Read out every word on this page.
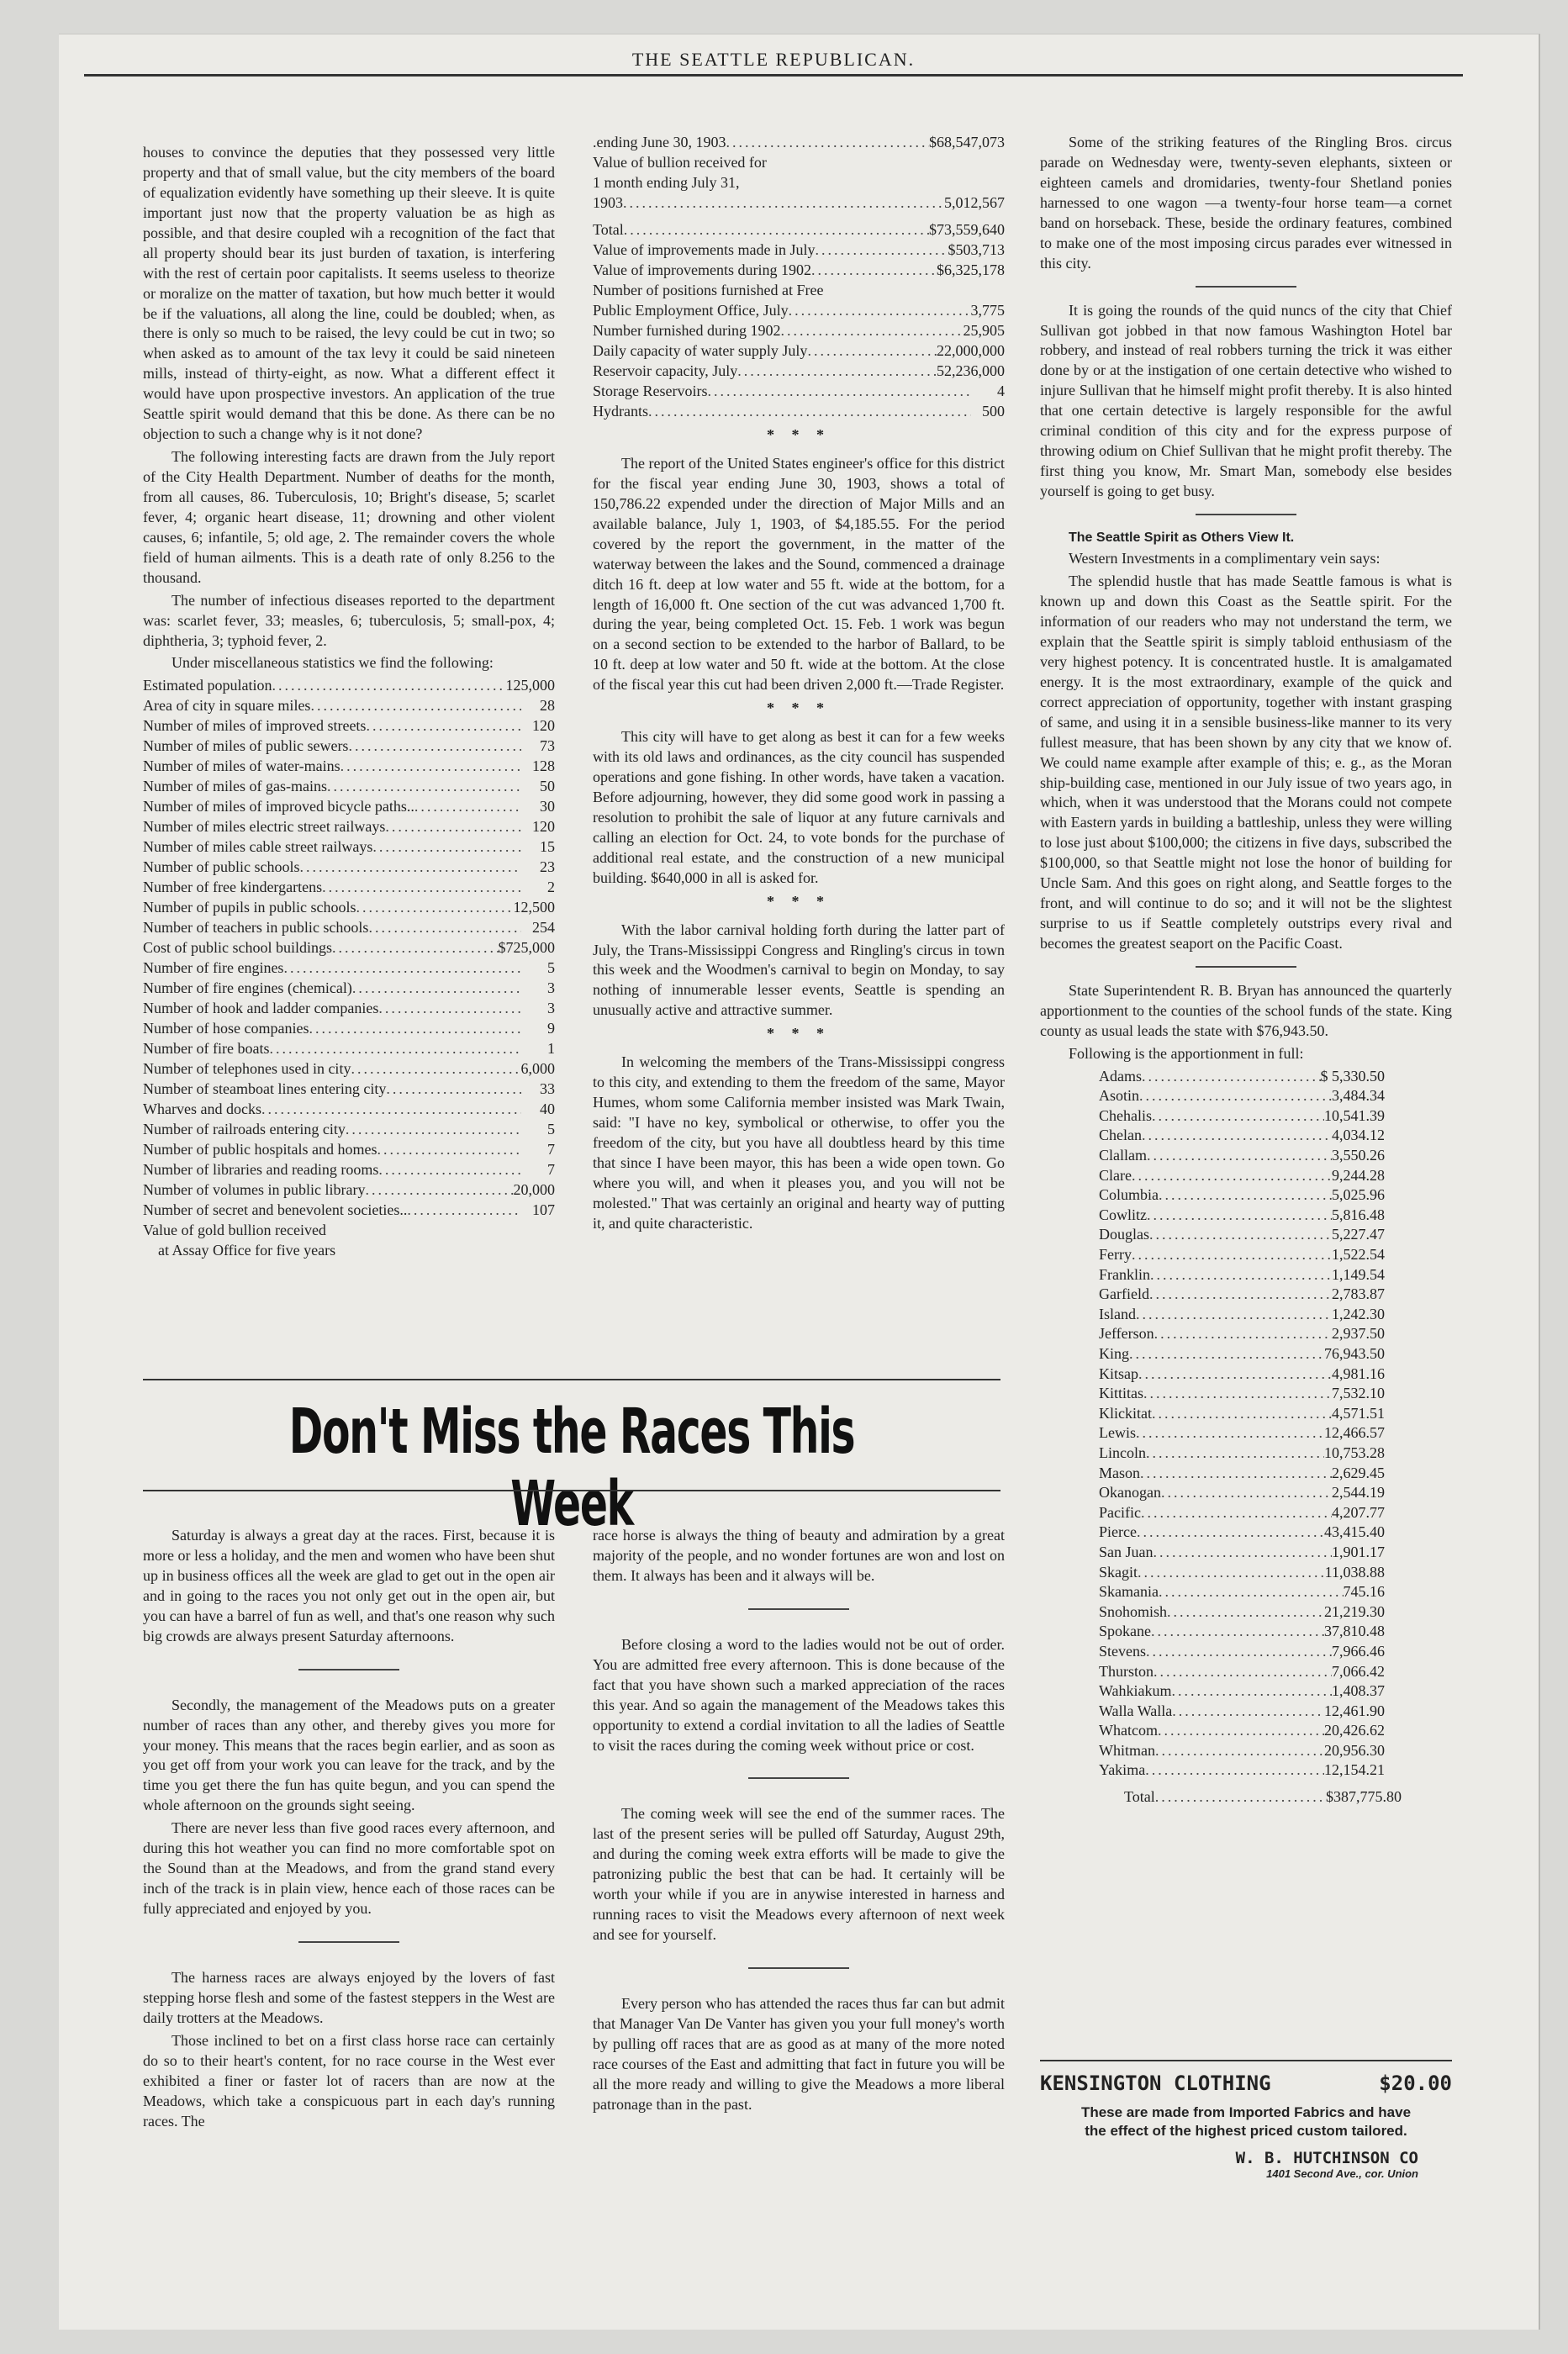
THE SEATTLE REPUBLICAN.

houses to convince the deputies that they possessed very little property and that of small value, but the city members of the board of equalization evidently have something up their sleeve. It is quite important just now that the property valuation be as high as possible, and that desire coupled wih a recognition of the fact that all property should bear its just burden of taxation, is interfering with the rest of certain poor capitalists. It seems useless to theorize or moralize on the matter of taxation, but how much better it would be if the valuations, all along the line, could be doubled; when, as there is only so much to be raised, the levy could be cut in two; so when asked as to amount of the tax levy it could be said nineteen mills, instead of thirty-eight, as now. What a different effect it would have upon prospective investors. An application of the true Seattle spirit would demand that this be done. As there can be no objection to such a change why is it not done?

The following interesting facts are drawn from the July report of the City Health Department. Number of deaths for the month, from all causes, 86. Tuberculosis, 10; Bright's disease, 5; scarlet fever, 4; organic heart disease, 11; drowning and other violent causes, 6; infantile, 5; old age, 2. The remainder covers the whole field of human ailments. This is a death rate of only 8.256 to the thousand.

The number of infectious diseases reported to the department was: scarlet fever, 33; measles, 6; tuberculosis, 5; small-pox, 4; diphtheria, 3; typhoid fever, 2.

Under miscellaneous statistics we find the following:

Estimated population .....	125,000
Area of city in square miles .....	28
Number of miles of improved streets .....	120
Number of miles of public sewers .....	73
Number of miles of water-mains .....	128
Number of miles of gas-mains .....	50
Number of miles of improved bicycle paths.. .....	30
Number of miles electric street railways .....	120
Number of miles cable street railways .....	15
Number of public schools .....	23
Number of free kindergartens .....	2
Number of pupils in public schools .....	12,500
Number of teachers in public schools .....	254
Cost of public school buildings .....	$725,000
Number of fire engines .....	5
Number of fire engines (chemical) .....	3
Number of hook and ladder companies .....	3
Number of hose companies .....	9
Number of fire boats .....	1
Number of telephones used in city .....	6,000
Number of steamboat lines entering city .....	33
Wharves and docks .....	40
Number of railroads entering city .....	5
Number of public hospitals and homes .....	7
Number of libraries and reading rooms .....	7
Number of volumes in public library .....	20,000
Number of secret and benevolent societies.. .....	107
Value of gold bullion received
at Assay Office for five years
.ending June 30, 1903 .....	$68,547,073
Value of bullion received for
1 month ending July 31,
1903 .....	5,012,567
Total .....	$73,559,640
Value of improvements made in July .....	$503,713
Value of improvements during 1902 .....	$6,325,178
Number of positions furnished at Free
Public Employment Office, July .....	3,775
Number furnished during 1902 .....	25,905
Daily capacity of water supply July .....	22,000,000
Reservoir capacity, July .....	52,236,000
Storage Reservoirs .....	4
Hydrants .....	500
* * *

The report of the United States engineer's office for this district for the fiscal year ending June 30, 1903, shows a total of 150,786.22 expended under the direction of Major Mills and an available balance, July 1, 1903, of $4,185.55. For the period covered by the report the government, in the matter of the waterway between the lakes and the Sound, commenced a drainage ditch 16 ft. deep at low water and 55 ft. wide at the bottom, for a length of 16,000 ft. One section of the cut was advanced 1,700 ft. during the year, being completed Oct. 15. Feb. 1 work was begun on a second section to be extended to the harbor of Ballard, to be 10 ft. deep at low water and 50 ft. wide at the bottom. At the close of the fiscal year this cut had been driven 2,000 ft.—Trade Register.

* * *

This city will have to get along as best it can for a few weeks with its old laws and ordinances, as the city council has suspended operations and gone fishing. In other words, have taken a vacation. Before adjourning, however, they did some good work in passing a resolution to prohibit the sale of liquor at any future carnivals and calling an election for Oct. 24, to vote bonds for the purchase of additional real estate, and the construction of a new municipal building. $640,000 in all is asked for.

* * *

With the labor carnival holding forth during the latter part of July, the Trans-Mississippi Congress and Ringling's circus in town this week and the Woodmen's carnival to begin on Monday, to say nothing of innumerable lesser events, Seattle is spending an unusually active and attractive summer.

* * *

In welcoming the members of the Trans-Mississippi congress to this city, and extending to them the freedom of the same, Mayor Humes, whom some California member insisted was Mark Twain, said: "I have no key, symbolical or otherwise, to offer you the freedom of the city, but you have all doubtless heard by this time that since I have been mayor, this has been a wide open town. Go where you will, and when it pleases you, and you will not be molested." That was certainly an original and hearty way of putting it, and quite characteristic.

Some of the striking features of the Ringling Bros. circus parade on Wednesday were, twenty-seven elephants, sixteen or eighteen camels and dromidaries, twenty-four Shetland ponies harnessed to one wagon —a twenty-four horse team—a cornet band on horseback. These, beside the ordinary features, combined to make one of the most imposing circus parades ever witnessed in this city.

It is going the rounds of the quid nuncs of the city that Chief Sullivan got jobbed in that now famous Washington Hotel bar robbery, and instead of real robbers turning the trick it was either done by or at the instigation of one certain detective who wished to injure Sullivan that he himself might profit thereby. It is also hinted that one certain detective is largely responsible for the awful criminal condition of this city and for the express purpose of throwing odium on Chief Sullivan that he might profit thereby. The first thing you know, Mr. Smart Man, somebody else besides yourself is going to get busy.

The Seattle Spirit as Others View It.

Western Investments in a complimentary vein says:

The splendid hustle that has made Seattle famous is what is known up and down this Coast as the Seattle spirit. For the information of our readers who may not understand the term, we explain that the Seattle spirit is simply tabloid enthusiasm of the very highest potency. It is concentrated hustle. It is amalgamated energy. It is the most extraordinary, example of the quick and correct appreciation of opportunity, together with instant grasping of same, and using it in a sensible business-like manner to its very fullest measure, that has been shown by any city that we know of. We could name example after example of this; e. g., as the Moran ship-building case, mentioned in our July issue of two years ago, in which, when it was understood that the Morans could not compete with Eastern yards in building a battleship, unless they were willing to lose just about $100,000; the citizens in five days, subscribed the $100,000, so that Seattle might not lose the honor of building for Uncle Sam. And this goes on right along, and Seattle forges to the front, and will continue to do so; and it will not be the slightest surprise to us if Seattle completely outstrips every rival and becomes the greatest seaport on the Pacific Coast.

State Superintendent R. B. Bryan has announced the quarterly apportionment to the counties of the school funds of the state. King county as usual leads the state with $76,943.50.

Following is the apportionment in full:

Adams .....	$ 5,330.50
Asotin .....	3,484.34
Chehalis .....	10,541.39
Chelan .....	4,034.12
Clallam .....	3,550.26
Clare .....	9,244.28
Columbia .....	5,025.96
Cowlitz .....	5,816.48
Douglas .....	5,227.47
Ferry .....	1,522.54
Franklin .....	1,149.54
Garfield .....	2,783.87
Island .....	1,242.30
Jefferson .....	2,937.50
King .....	76,943.50
Kitsap .....	4,981.16
Kittitas .....	7,532.10
Klickitat .....	4,571.51
Lewis .....	12,466.57
Lincoln .....	10,753.28
Mason .....	2,629.45
Okanogan .....	2,544.19
Pacific .....	4,207.77
Pierce .....	43,415.40
San Juan .....	1,901.17
Skagit .....	11,038.88
Skamania .....	745.16
Snohomish .....	21,219.30
Spokane .....	37,810.48
Stevens .....	7,966.46
Thurston .....	7,066.42
Wahkiakum .....	1,408.37
Walla Walla .....	12,461.90
Whatcom .....	20,426.62
Whitman .....	20,956.30
Yakima .....	12,154.21
Total .....	$387,775.80
Don't Miss the Races This Week

Saturday is always a great day at the races. First, because it is more or less a holiday, and the men and women who have been shut up in business offices all the week are glad to get out in the open air and in going to the races you not only get out in the open air, but you can have a barrel of fun as well, and that's one reason why such big crowds are always present Saturday afternoons.

Secondly, the management of the Meadows puts on a greater number of races than any other, and thereby gives you more for your money. This means that the races begin earlier, and as soon as you get off from your work you can leave for the track, and by the time you get there the fun has quite begun, and you can spend the whole afternoon on the grounds sight seeing.

There are never less than five good races every afternoon, and during this hot weather you can find no more comfortable spot on the Sound than at the Meadows, and from the grand stand every inch of the track is in plain view, hence each of those races can be fully appreciated and enjoyed by you.

The harness races are always enjoyed by the lovers of fast stepping horse flesh and some of the fastest steppers in the West are daily trotters at the Meadows.

Those inclined to bet on a first class horse race can certainly do so to their heart's content, for no race course in the West ever exhibited a finer or faster lot of racers than are now at the Meadows, which take a conspicuous part in each day's running races. The

race horse is always the thing of beauty and admiration by a great majority of the people, and no wonder fortunes are won and lost on them. It always has been and it always will be.

Before closing a word to the ladies would not be out of order. You are admitted free every afternoon. This is done because of the fact that you have shown such a marked appreciation of the races this year. And so again the management of the Meadows takes this opportunity to extend a cordial invitation to all the ladies of Seattle to visit the races during the coming week without price or cost.

The coming week will see the end of the summer races. The last of the present series will be pulled off Saturday, August 29th, and during the coming week extra efforts will be made to give the patronizing public the best that can be had. It certainly will be worth your while if you are in anywise interested in harness and running races to visit the Meadows every afternoon of next week and see for yourself.

Every person who has attended the races thus far can but admit that Manager Van De Vanter has given you your full money's worth by pulling off races that are as good as at many of the more noted race courses of the East and admitting that fact in future you will be all the more ready and willing to give the Meadows a more liberal patronage than in the past.

KENSINGTON CLOTHING	$20.00
These are made from Imported Fabrics and have
the effect of the highest priced custom tailored.
W. B. HUTCHINSON CO
1401 Second Ave., cor. Union
